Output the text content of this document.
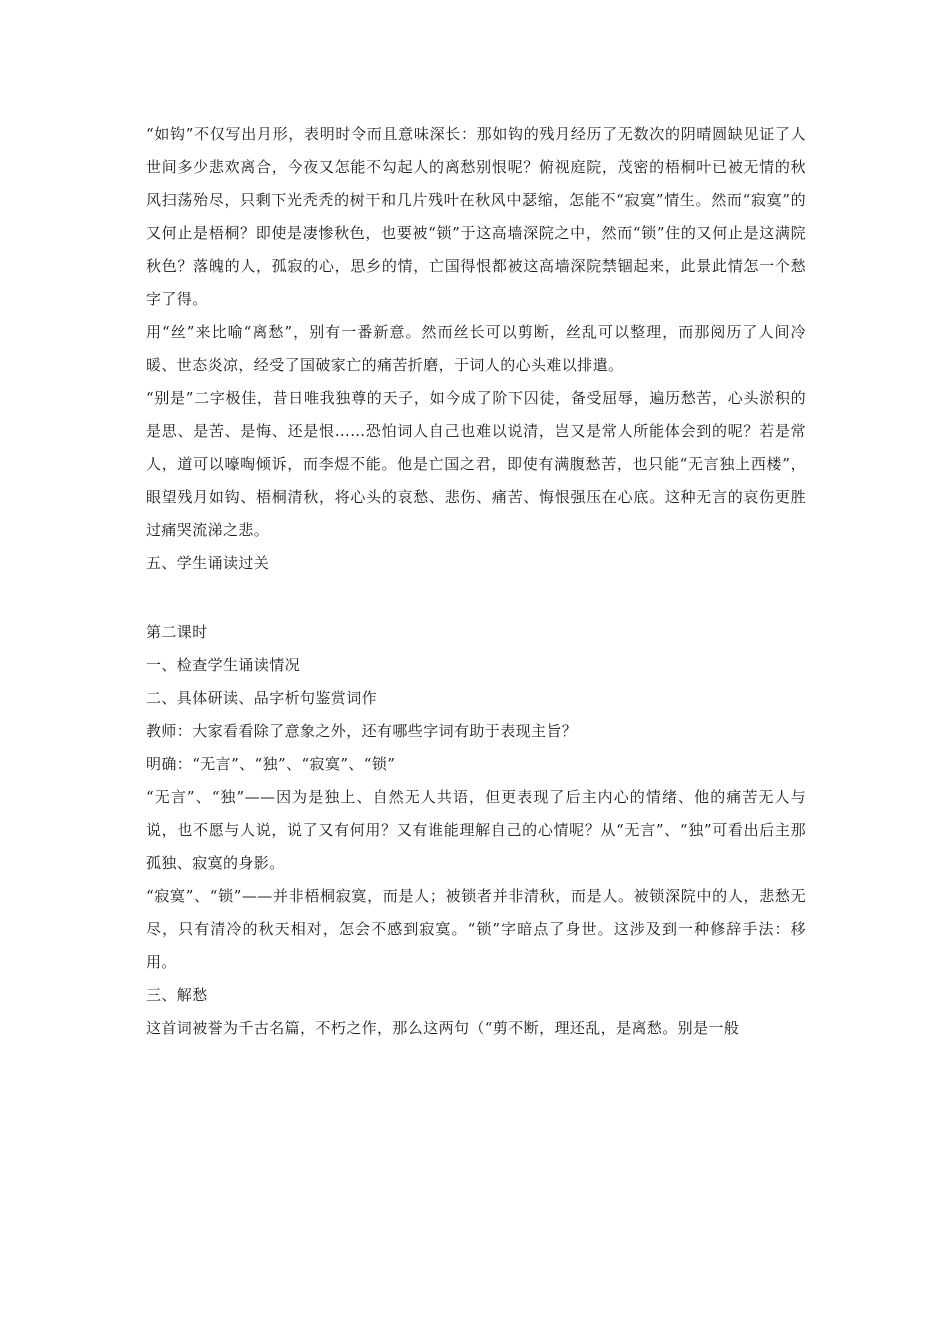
“如钩”不仅写出月形，表明时令而且意味深长：那如钩的残月经历了无数次的阴晴圆缺见证了人世间多少悲欢离合，今夜又怎能不勾起人的离愁别恨呢？俯视庭院，茂密的梧桐叶已被无情的秋风扫荡殆尽，只剩下光秃秃的树干和几片残叶在秋风中瑟缩，怎能不“寂寞”情生。然而“寂寞”的又何止是梧桐？即使是凄惨秋色，也要被“锁”于这高墙深院之中，然而“锁”住的又何止是这满院秋色？落魄的人，孤寂的心，思乡的情，亡国得恨都被这高墙深院禁锢起来，此景此情怎一个愁字了得。

用“丝”来比喻“离愁”，别有一番新意。然而丝长可以剪断，丝乱可以整理，而那阅历了人间冷暖、世态炎凉，经受了国破家亡的痛苦折磨，于词人的心头难以排遣。

“别是”二字极佳，昔日唯我独尊的天子，如今成了阶下囚徒，备受屈辱，遍历愁苦，心头淤积的是思、是苦、是悔、还是恨……恐怕词人自己也难以说清，岂又是常人所能体会到的呢？若是常人，道可以嚎啕倾诉，而李煜不能。他是亡国之君，即使有满腹愁苦，也只能“无言独上西楼”，眼望残月如钩、梧桐清秋，将心头的哀愁、悲伤、痛苦、悔恨强压在心底。这种无言的哀伤更胜过痛哭流涕之悲。

五、学生诵读过关

第二课时

一、检查学生诵读情况

二、具体研读、品字析句鉴赏词作

教师：大家看看除了意象之外，还有哪些字词有助于表现主旨？

明确：“无言”、“独”、“寂寞”、“锁”

“无言”、“独”——因为是独上、自然无人共语，但更表现了后主内心的情绪、他的痛苦无人与说，也不愿与人说，说了又有何用？又有谁能理解自己的心情呢？从“无言”、“独”可看出后主那孤独、寂寞的身影。

“寂寞”、“锁”——并非梧桐寂寞，而是人；被锁者并非清秋，而是人。被锁深院中的人，悲愁无尽，只有清冷的秋天相对，怎会不感到寂寞。“锁”字暗点了身世。这涉及到一种修辞手法：移用。

三、解愁

这首词被誉为千古名篇，不朽之作，那么这两句（“剪不断，理还乱，是离愁。别是一般
